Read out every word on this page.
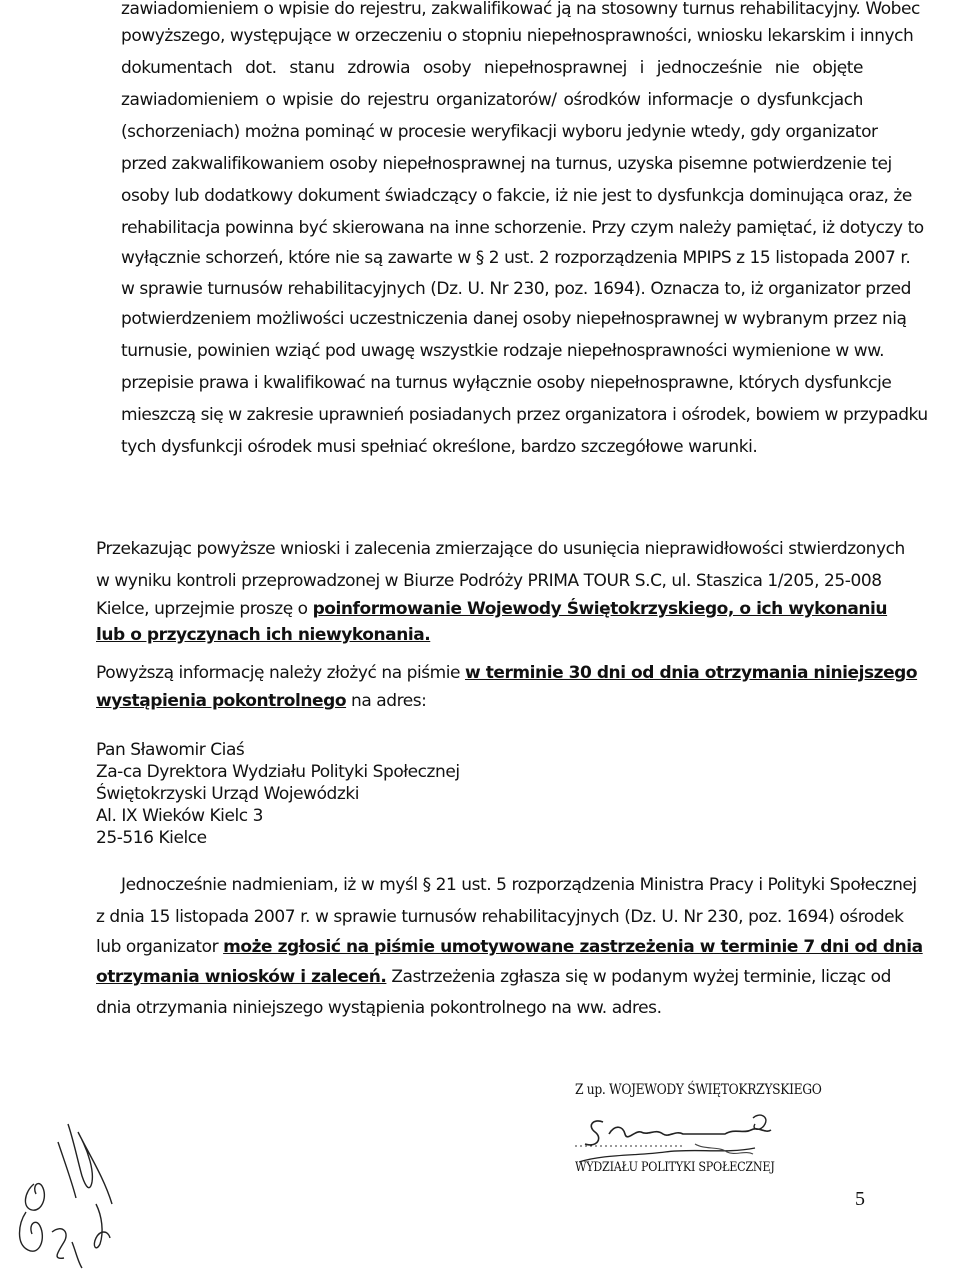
zawiadomieniem o wpisie do rejestru, zakwalifikować ją na stosowny turnus rehabilitacyjny. Wobec
powyższego, występujące w orzeczeniu o stopniu niepełnosprawności, wniosku lekarskim i innych
dokumentach dot. stanu zdrowia osoby niepełnosprawnej i jednocześnie nie objęte
zawiadomieniem o wpisie do rejestru organizatorów/ ośrodków informacje o dysfunkcjach
(schorzeniach) można pominąć w procesie weryfikacji wyboru jedynie wtedy, gdy organizator
przed zakwalifikowaniem osoby niepełnosprawnej na turnus, uzyska pisemne potwierdzenie tej
osoby lub dodatkowy dokument świadczący o fakcie, iż nie jest to dysfunkcja dominująca oraz, że
rehabilitacja powinna być skierowana na inne schorzenie. Przy czym należy pamiętać, iż dotyczy to
wyłącznie schorzeń, które nie są zawarte w § 2 ust. 2 rozporządzenia MPIPS z 15 listopada 2007 r.
w sprawie turnusów rehabilitacyjnych (Dz. U. Nr 230, poz. 1694). Oznacza to, iż organizator przed
potwierdzeniem możliwości uczestniczenia danej osoby niepełnosprawnej w wybranym przez nią
turnusie, powinien wziąć pod uwagę wszystkie rodzaje niepełnosprawności wymienione w ww.
przepisie prawa i kwalifikować na turnus wyłącznie osoby niepełnosprawne, których dysfunkcje
mieszczą się w zakresie uprawnień posiadanych przez organizatora i ośrodek, bowiem w przypadku
tych dysfunkcji ośrodek musi spełniać określone, bardzo szczegółowe warunki.
Przekazując powyższe wnioski i zalecenia zmierzające do usunięcia nieprawidłowości stwierdzonych
w wyniku kontroli przeprowadzonej w Biurze Podróży PRIMA TOUR S.C, ul. Staszica 1/205, 25-008
Kielce, uprzejmie proszę o poinformowanie Wojewody Świętokrzyskiego, o ich wykonaniu
lub o przyczynach ich niewykonania.
Powyższą informację należy złożyć na piśmie w terminie 30 dni od dnia otrzymania niniejszego
wystąpienia pokontrolnego na adres:
Pan Sławomir Ciaś
Za-ca Dyrektora Wydziału Polityki Społecznej
Świętokrzyski Urząd Wojewódzki
Al. IX Wieków Kielc 3
25-516 Kielce
Jednocześnie nadmieniam, iż w myśl § 21 ust. 5 rozporządzenia Ministra Pracy i Polityki Społecznej
z dnia 15 listopada 2007 r. w sprawie turnusów rehabilitacyjnych (Dz. U. Nr 230, poz. 1694) ośrodek
lub organizator może zgłosić na piśmie umotywowane zastrzeżenia w terminie 7 dni od dnia
otrzymania wniosków i zaleceń. Zastrzeżenia zgłasza się w podanym wyżej terminie, licząc od
dnia otrzymania niniejszego wystąpienia pokontrolnego na ww. adres.
Z up. WOJEWODY ŚWIĘTOKRZYSKIEGO
WYDZIAŁU POLITYKI SPOŁECZNEJ
5
